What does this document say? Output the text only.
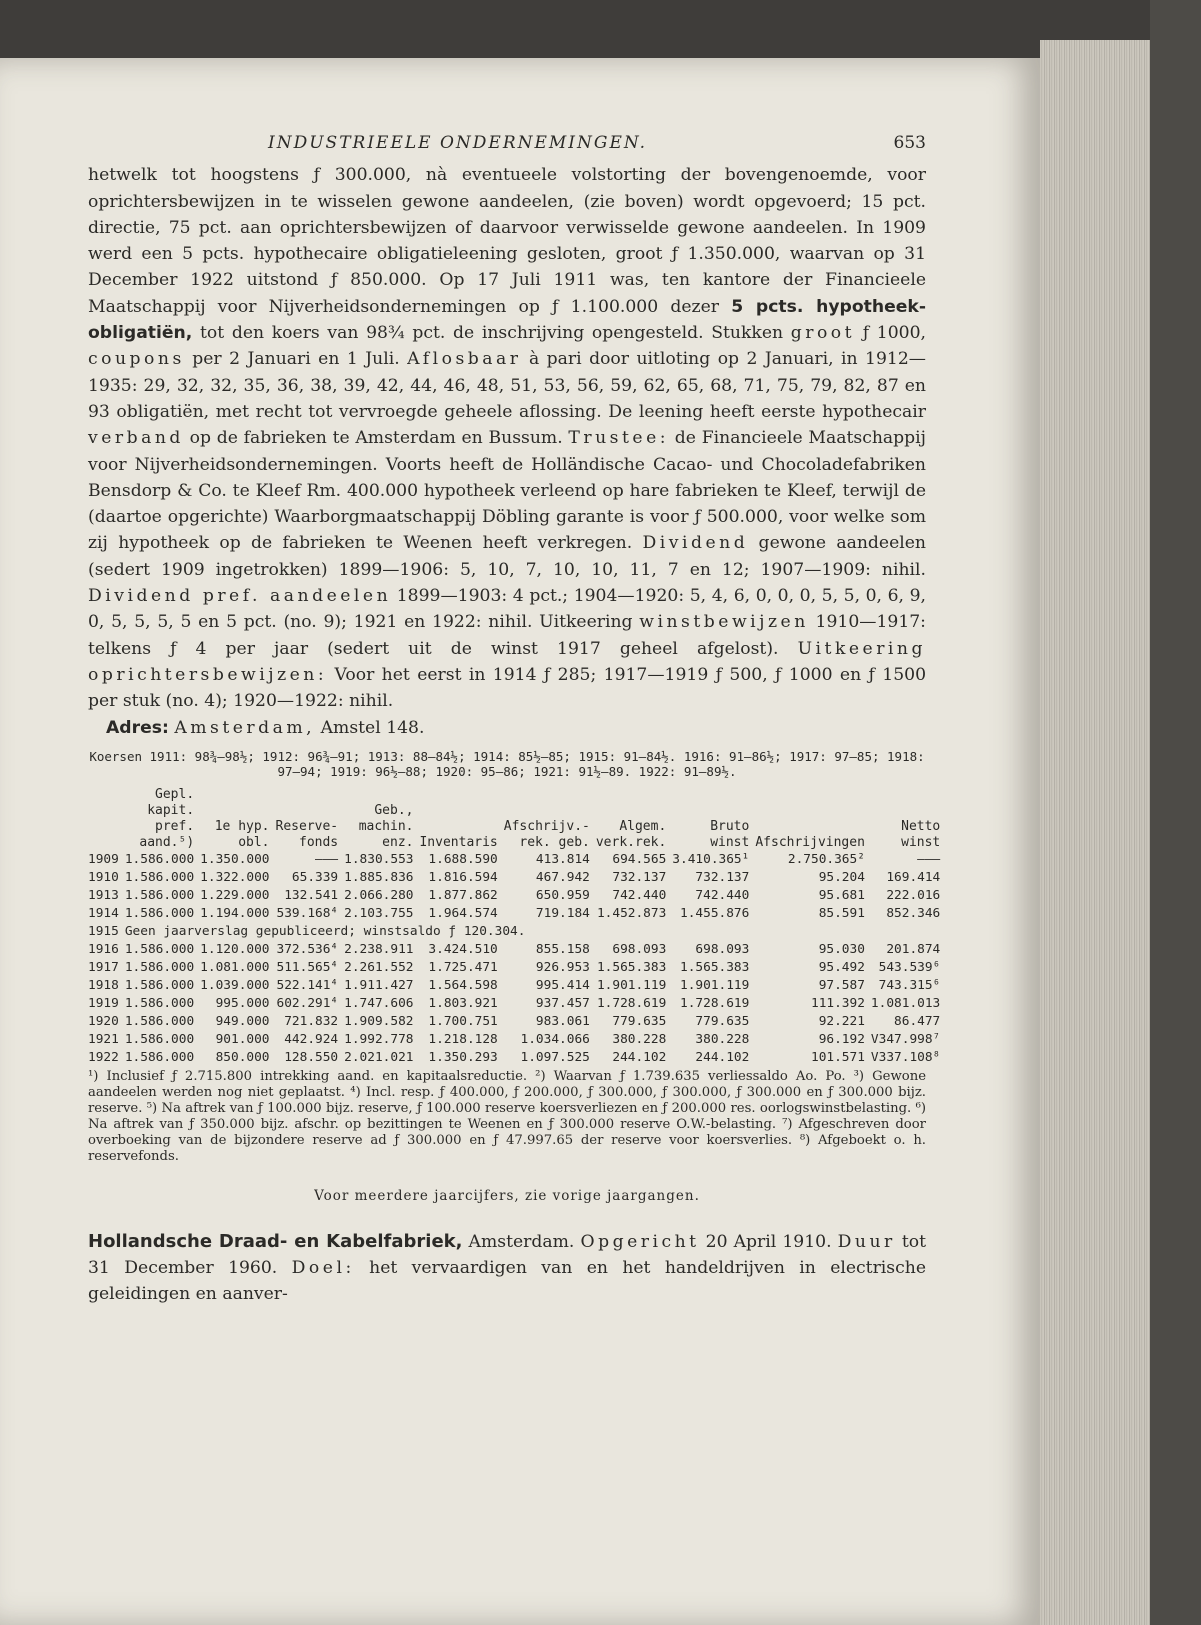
INDUSTRIEELE ONDERNEMINGEN.	653

hetwelk tot hoogstens ƒ 300.000, nà eventueele volstorting der bovengenoemde, voor oprichtersbewijzen in te wisselen gewone aandeelen, (zie boven) wordt opgevoerd; 15 pct. directie, 75 pct. aan oprichtersbewijzen of daarvoor verwisselde gewone aandeelen. In 1909 werd een 5 pcts. hypothecaire obligatieleening gesloten, groot ƒ 1.350.000, waarvan op 31 December 1922 uitstond ƒ 850.000. Op 17 Juli 1911 was, ten kantore der Financieele Maatschappij voor Nijverheidsondernemingen op ƒ 1.100.000 dezer 5 pcts. hypotheek-obligatiën, tot den koers van 98¾ pct. de inschrijving opengesteld. Stukken groot ƒ 1000, coupons per 2 Januari en 1 Juli. Aflosbaar à pari door uitloting op 2 Januari, in 1912—1935: 29, 32, 32, 35, 36, 38, 39, 42, 44, 46, 48, 51, 53, 56, 59, 62, 65, 68, 71, 75, 79, 82, 87 en 93 obligatiën, met recht tot vervroegde geheele aflossing. De leening heeft eerste hypothecair verband op de fabrieken te Amsterdam en Bussum. Trustee: de Financieele Maatschappij voor Nijverheidsondernemingen. Voorts heeft de Holländische Cacao- und Chocoladefabriken Bensdorp & Co. te Kleef Rm. 400.000 hypotheek verleend op hare fabrieken te Kleef, terwijl de (daartoe opgerichte) Waarborgmaatschappij Döbling garante is voor ƒ 500.000, voor welke som zij hypotheek op de fabrieken te Weenen heeft verkregen. Dividend gewone aandeelen (sedert 1909 ingetrokken) 1899—1906: 5, 10, 7, 10, 10, 11, 7 en 12; 1907—1909: nihil. Dividend pref. aandeelen 1899—1903: 4 pct.; 1904—1920: 5, 4, 6, 0, 0, 0, 5, 5, 0, 6, 9, 0, 5, 5, 5, 5 en 5 pct. (no. 9); 1921 en 1922: nihil. Uitkeering winstbewijzen 1910—1917: telkens ƒ 4 per jaar (sedert uit de winst 1917 geheel afgelost). Uitkeering oprichtersbewijzen: Voor het eerst in 1914 ƒ 285; 1917—1919 ƒ 500, ƒ 1000 en ƒ 1500 per stuk (no. 4); 1920—1922: nihil.

Adres: Amsterdam, Amstel 148.

Koersen 1911: 98¾—98½; 1912: 96¾—91; 1913: 88—84½; 1914: 85½—85; 1915: 91—84½. 1916: 91—86½; 1917: 97—85; 1918: 97—94; 1919: 96½—88; 1920: 95—86; 1921: 91½—89. 1922: 91—89½.
	Gepl. kapit. pref. aand.⁵)	1e hyp. obl.	Reserve-fonds	Geb., machin. enz.	Inventaris	Afschrijv.- rek. geb.	Algem. verk.rek.	Bruto winst	Afschrijvingen	Netto winst
1909	1.586.000	1.350.000	———	1.830.553	1.688.590	413.814	694.565	3.410.365¹	2.750.365²	———
1910	1.586.000	1.322.000	65.339	1.885.836	1.816.594	467.942	732.137	732.137	95.204	169.414
1913	1.586.000	1.229.000	132.541	2.066.280	1.877.862	650.959	742.440	742.440	95.681	222.016
1914	1.586.000	1.194.000	539.168⁴	2.103.755	1.964.574	719.184	1.452.873	1.455.876	85.591	852.346
1915	Geen jaarverslag gepubliceerd; winstsaldo ƒ 120.304.									
1916	1.586.000	1.120.000	372.536⁴	2.238.911	3.424.510	855.158	698.093	698.093	95.030	201.874
1917	1.586.000	1.081.000	511.565⁴	2.261.552	1.725.471	926.953	1.565.383	1.565.383	95.492	543.539⁶
1918	1.586.000	1.039.000	522.141⁴	1.911.427	1.564.598	995.414	1.901.119	1.901.119	97.587	743.315⁶
1919	1.586.000	995.000	602.291⁴	1.747.606	1.803.921	937.457	1.728.619	1.728.619	111.392	1.081.013
1920	1.586.000	949.000	721.832	1.909.582	1.700.751	983.061	779.635	779.635	92.221	86.477
1921	1.586.000	901.000	442.924	1.992.778	1.218.128	1.034.066	380.228	380.228	96.192	V347.998⁷
1922	1.586.000	850.000	128.550	2.021.021	1.350.293	1.097.525	244.102	244.102	101.571	V337.108⁸
¹) Inclusief ƒ 2.715.800 intrekking aand. en kapitaalsreductie. ²) Waarvan ƒ 1.739.635 verliessaldo Ao. Po. ³) Gewone aandeelen werden nog niet geplaatst. ⁴) Incl. resp. ƒ 400.000, ƒ 200.000, ƒ 300.000, ƒ 300.000, ƒ 300.000 en ƒ 300.000 bijz. reserve. ⁵) Na aftrek van ƒ 100.000 bijz. reserve, ƒ 100.000 reserve koersverliezen en ƒ 200.000 res. oorlogswinstbelasting. ⁶) Na aftrek van ƒ 350.000 bijz. afschr. op bezittingen te Weenen en ƒ 300.000 reserve O.W.-belasting. ⁷) Afgeschreven door overboeking van de bijzondere reserve ad ƒ 300.000 en ƒ 47.997.65 der reserve voor koersverlies. ⁸) Afgeboekt o. h. reservefonds.
Voor meerdere jaarcijfers, zie vorige jaargangen.

Hollandsche Draad- en Kabelfabriek, Amsterdam. Opgericht 20 April 1910. Duur tot 31 December 1960. Doel: het vervaardigen van en het handeldrijven in electrische geleidingen en aanver-
